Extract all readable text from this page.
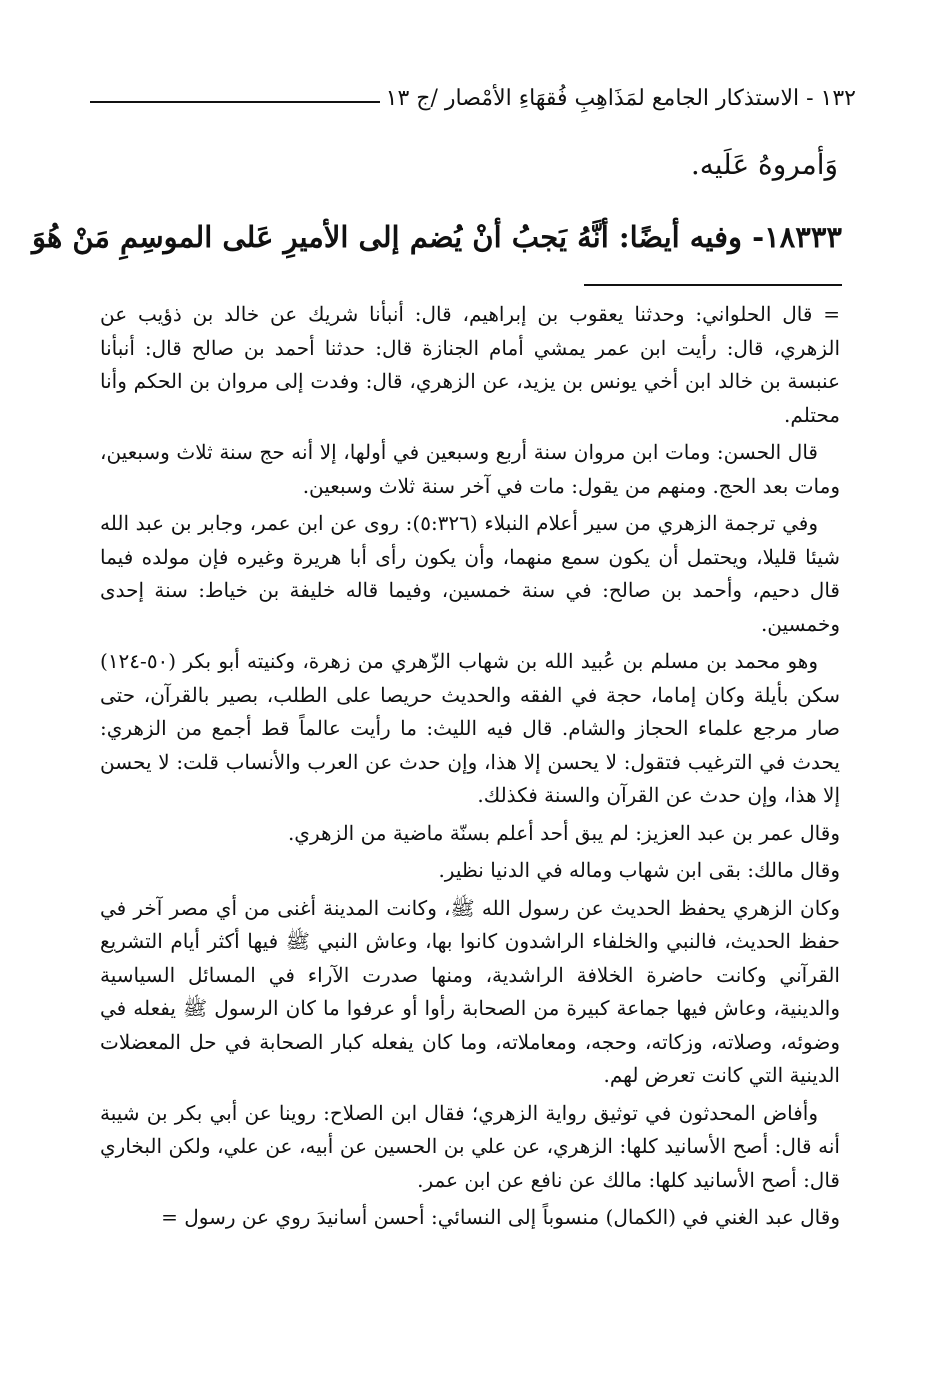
١٣٢ - الاستذكار الجامع لمَذَاهِبِ فُقهَاءِ الأمْصار /ج ١٣
وَأمروهُ عَلَيه.
١٨٣٣٣- وفيه أيضًا: أنَّهُ يَجبُ أنْ يُضم إلى الأميرِ عَلى الموسِمِ مَنْ هُوَ

= قال الحلواني: وحدثنا يعقوب بن إبراهيم، قال: أنبأنا شريك عن خالد بن ذؤيب عن الزهري، قال: رأيت ابن عمر يمشي أمام الجنازة قال: حدثنا أحمد بن صالح قال: أنبأنا عنبسة بن خالد ابن أخي يونس بن يزيد، عن الزهري، قال: وفدت إلى مروان بن الحكم وأنا محتلم.

قال الحسن: ومات ابن مروان سنة أربع وسبعين في أولها، إلا أنه حج سنة ثلاث وسبعين، ومات بعد الحج. ومنهم من يقول: مات في آخر سنة ثلاث وسبعين.

وفي ترجمة الزهري من سير أعلام النبلاء (٥:٣٢٦): روى عن ابن عمر، وجابر بن عبد الله شيئا قليلا، ويحتمل أن يكون سمع منهما، وأن يكون رأى أبا هريرة وغيره فإن مولده فيما قال دحيم، وأحمد بن صالح: في سنة خمسين، وفيما قاله خليفة بن خياط: سنة إحدى وخمسين.

وهو محمد بن مسلم بن عُبيد الله بن شهاب الزّهري من زهرة، وكنيته أبو بكر (٥٠-١٢٤) سكن بأيلة وكان إماما، حجة في الفقه والحديث حريصا على الطلب، بصير بالقرآن، حتى صار مرجع علماء الحجاز والشام. قال فيه الليث: ما رأيت عالماً قط أجمع من الزهري: يحدث في الترغيب فتقول: لا يحسن إلا هذا، وإن حدث عن العرب والأنساب قلت: لا يحسن إلا هذا، وإن حدث عن القرآن والسنة فكذلك.

وقال عمر بن عبد العزيز: لم يبق أحد أعلم بسنّة ماضية من الزهري.

وقال مالك: بقى ابن شهاب وماله في الدنيا نظير.

وكان الزهري يحفظ الحديث عن رسول الله ﷺ، وكانت المدينة أغنى من أي مصر آخر في حفظ الحديث، فالنبي والخلفاء الراشدون كانوا بها، وعاش النبي ﷺ فيها أكثر أيام التشريع القرآني وكانت حاضرة الخلافة الراشدية، ومنها صدرت الآراء في المسائل السياسية والدينية، وعاش فيها جماعة كبيرة من الصحابة رأوا أو عرفوا ما كان الرسول ﷺ يفعله في وضوئه، وصلاته، وزكاته، وحجه، ومعاملاته، وما كان يفعله كبار الصحابة في حل المعضلات الدينية التي كانت تعرض لهم.

وأفاض المحدثون في توثيق رواية الزهري؛ فقال ابن الصلاح: روينا عن أبي بكر بن شيبة أنه قال: أصح الأسانيد كلها: الزهري، عن علي بن الحسين عن أبيه، عن علي، ولكن البخاري قال: أصح الأسانيد كلها: مالك عن نافع عن ابن عمر.

وقال عبد الغني في (الكمال) منسوباً إلى النسائي: أحسن أسانيدَ روي عن رسول =
